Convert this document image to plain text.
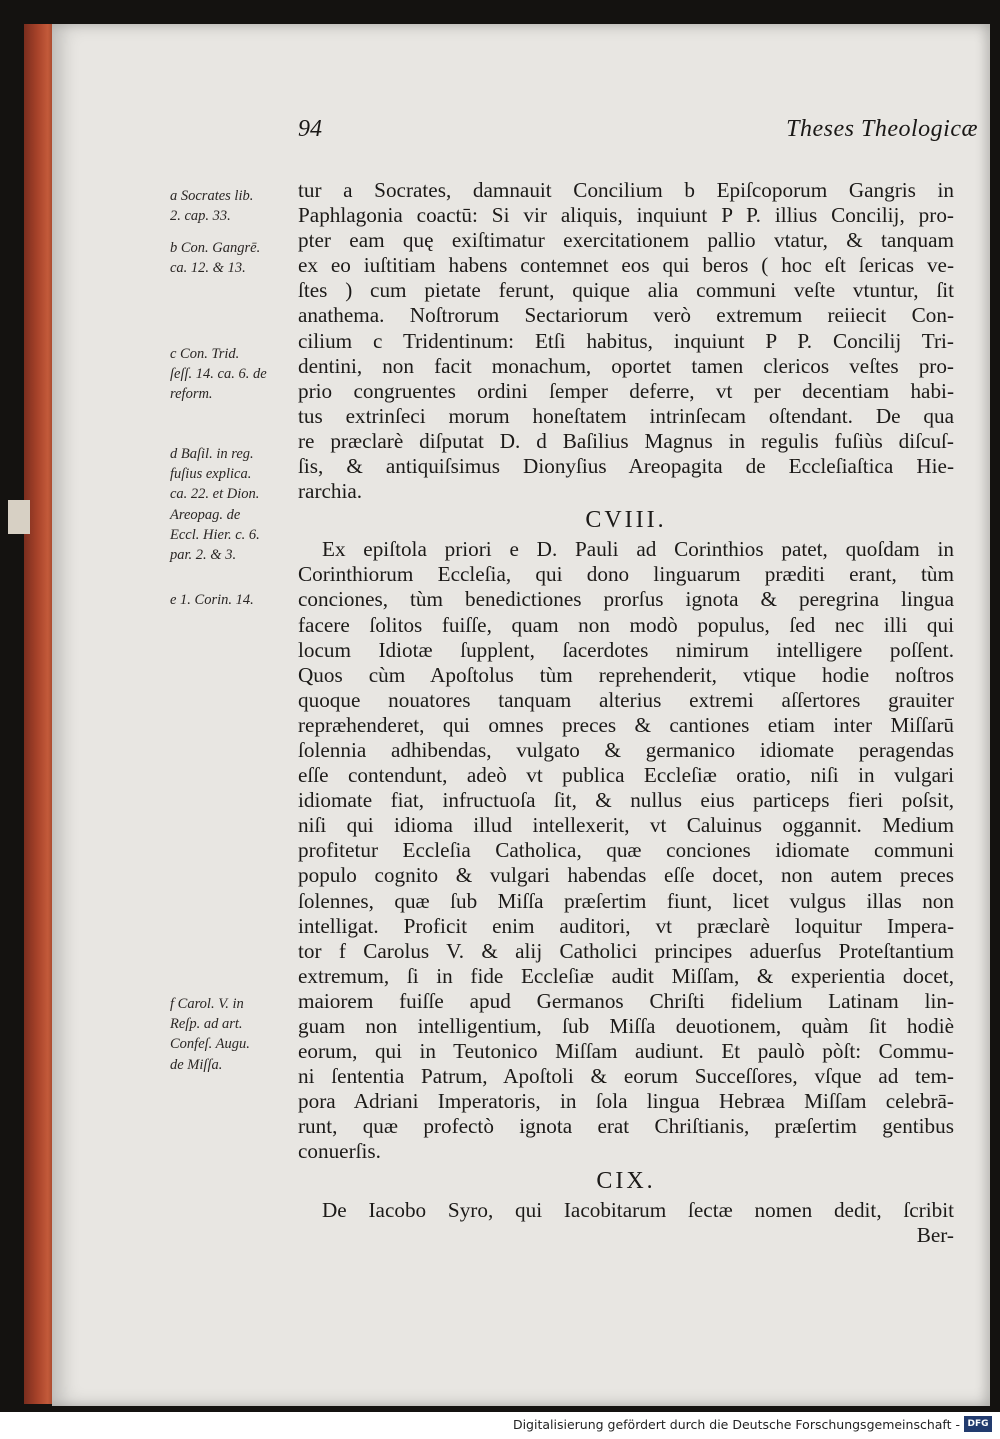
94	Theses Theologicæ
a Socrates lib.
2. cap. 33.
b Con. Gangrē.
ca. 12. & 13.
c Con. Trid.
ſeſſ. 14. ca. 6. de
reform.
d Baſil. in reg.
fuſius explica.
ca. 22. et Dion.
Areopag. de
Eccl. Hier. c. 6.
par. 2. & 3.
e 1. Corin. 14.
f Carol. V. in
Reſp. ad art.
Confeſ. Augu.
de Miſſa.
tur a Socrates, damnauit Concilium b Epiſcoporum Gangris in
Paphlagonia coactū: Si vir aliquis, inquiunt P P. illius Concilij, pro-
pter eam quę exiſtimatur exercitationem pallio vtatur, & tanquam
ex eo iuſtitiam habens contemnet eos qui beros ( hoc eſt ſericas ve-
ſtes ) cum pietate ferunt, quique alia communi veſte vtuntur, ſit
anathema. Noſtrorum Sectariorum verò extremum reiiecit Con-
cilium c Tridentinum: Etſi habitus, inquiunt P P. Concilij Tri-
dentini, non facit monachum, oportet tamen clericos veſtes pro-
prio congruentes ordini ſemper deferre, vt per decentiam habi-
tus extrinſeci morum honeſtatem intrinſecam oſtendant. De qua
re præclarè diſputat D. d Baſilius Magnus in regulis fuſiùs diſcuſ-
ſis, & antiquiſsimus Dionyſius Areopagita de Eccleſiaſtica Hie-
rarchia.
CVIII.
Ex epiſtola priori e D. Pauli ad Corinthios patet, quoſdam in
Corinthiorum Eccleſia, qui dono linguarum præditi erant, tùm
conciones, tùm benedictiones prorſus ignota & peregrina lingua
facere ſolitos fuiſſe, quam non modò populus, ſed nec illi qui
locum Idiotæ ſupplent, ſacerdotes nimirum intelligere poſſent.
Quos cùm Apoſtolus tùm reprehenderit, vtique hodie noſtros
quoque nouatores tanquam alterius extremi aſſertores grauiter
repræhenderet, qui omnes preces & cantiones etiam inter Miſſarū
ſolennia adhibendas, vulgato & germanico idiomate peragendas
eſſe contendunt, adeò vt publica Eccleſiæ oratio, niſi in vulgari
idiomate fiat, infructuoſa ſit, & nullus eius particeps fieri poſsit,
niſi qui idioma illud intellexerit, vt Caluinus oggannit. Medium
profitetur Eccleſia Catholica, quæ conciones idiomate communi
populo cognito & vulgari habendas eſſe docet, non autem preces
ſolennes, quæ ſub Miſſa præſertim fiunt, licet vulgus illas non
intelligat. Proficit enim auditori, vt præclarè loquitur Impera-
tor f Carolus V. & alij Catholici principes aduerſus Proteſtantium
extremum, ſi in fide Eccleſiæ audit Miſſam, & experientia docet,
maiorem fuiſſe apud Germanos Chriſti fidelium Latinam lin-
guam non intelligentium, ſub Miſſa deuotionem, quàm ſit hodiè
eorum, qui in Teutonico Miſſam audiunt. Et paulò pòſt: Commu-
ni ſententia Patrum, Apoſtoli & eorum Succeſſores, vſque ad tem-
pora Adriani Imperatoris, in ſola lingua Hebræa Miſſam celebrā-
runt, quæ profectò ignota erat Chriſtianis, præſertim gentibus
conuerſis.
CIX.
De Iacobo Syro, qui Iacobitarum ſectæ nomen dedit, ſcribit
Ber-
Digitalisierung gefördert durch die Deutsche Forschungsgemeinschaft - DFG
